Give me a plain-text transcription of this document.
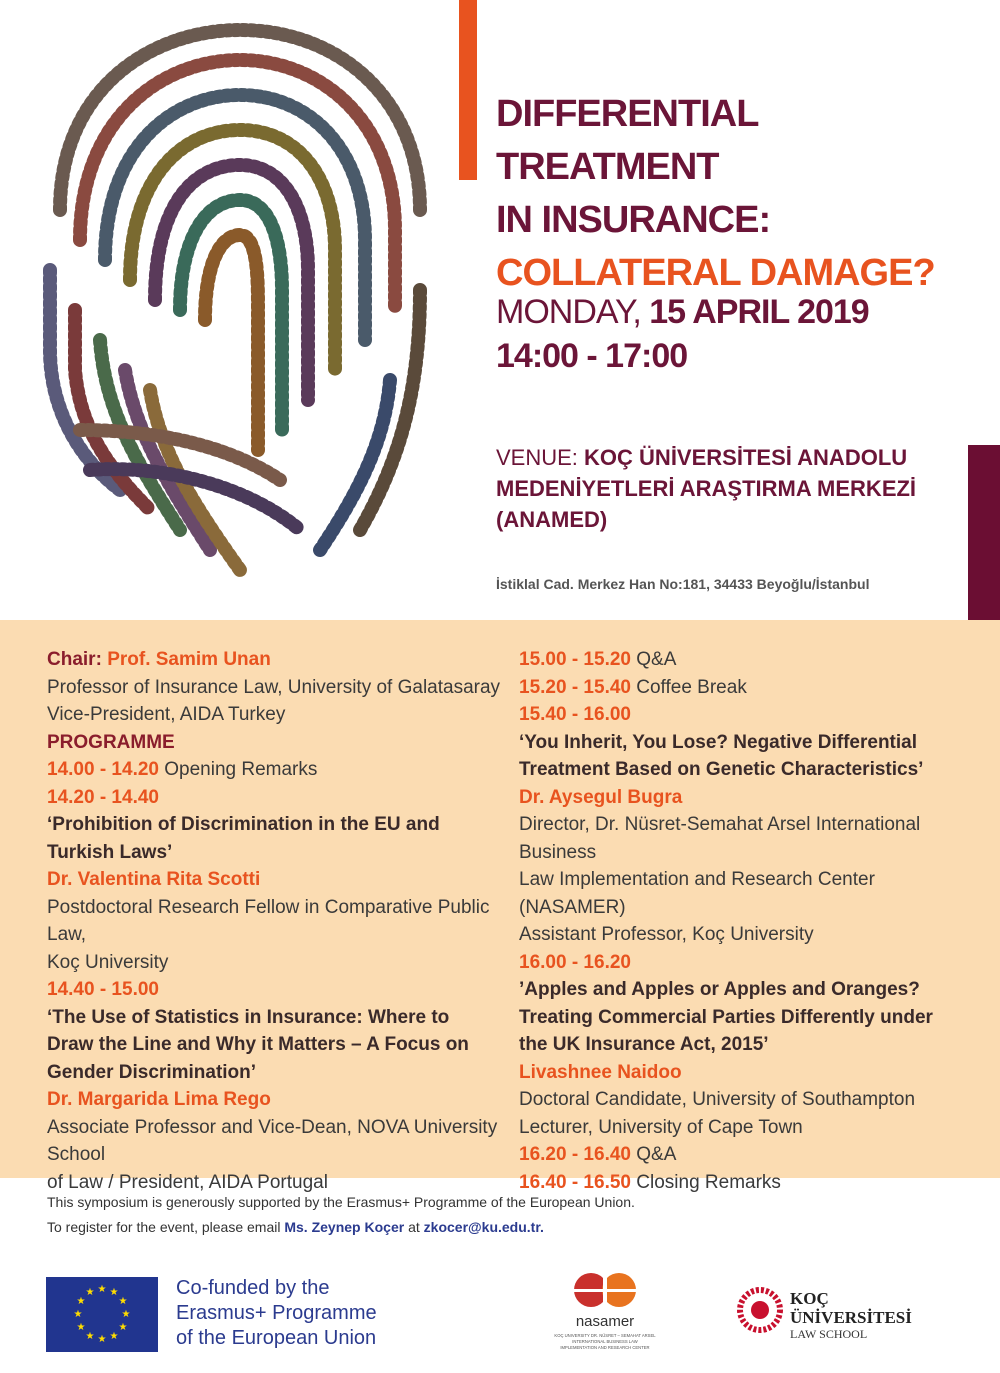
DIFFERENTIAL TREATMENT
IN INSURANCE:
COLLATERAL DAMAGE?
MONDAY, 15 APRIL 2019
14:00 - 17:00
VENUE: KOÇ ÜNİVERSİTESİ ANADOLU
MEDENİYETLERİ ARAŞTIRMA MERKEZİ
(ANAMED)
İstiklal Cad. Merkez Han No:181, 34433 Beyoğlu/İstanbul
Chair: Prof. Samim Unan
Professor of Insurance Law, University of Galatasaray
Vice-President, AIDA Turkey
PROGRAMME
14.00 - 14.20 Opening Remarks
14.20 - 14.40
‘Prohibition of Discrimination in the EU and
Turkish Laws’
Dr. Valentina Rita Scotti
Postdoctoral Research Fellow in Comparative Public Law,
Koç University
14.40 - 15.00
‘The Use of Statistics in Insurance: Where to
Draw the Line and Why it Matters – A Focus on
Gender Discrimination’
Dr. Margarida Lima Rego
Associate Professor and Vice-Dean, NOVA University School
of Law / President, AIDA Portugal
15.00 - 15.20 Q&A
15.20 - 15.40 Coffee Break
15.40 - 16.00
‘You Inherit, You Lose? Negative Differential
Treatment Based on Genetic Characteristics’
Dr. Aysegul Bugra
Director, Dr. Nüsret-Semahat Arsel International Business
Law Implementation and Research Center (NASAMER)
Assistant Professor, Koç University
16.00 - 16.20
’Apples and Apples or Apples and Oranges?
Treating Commercial Parties Differently under
the UK Insurance Act, 2015’
Livashnee Naidoo
Doctoral Candidate, University of Southampton
Lecturer, University of Cape Town
16.20 - 16.40 Q&A
16.40 - 16.50 Closing Remarks
This symposium is generously supported by the Erasmus+ Programme of the European Union.
To register for the event, please email Ms. Zeynep Koçer at zkocer@ku.edu.tr.
★ ★
★
★
★
★
★
★
★
★
★
★	Co-funded by the
Erasmus+ Programme
of the European Union
nasamer
KOÇ UNIVERSITY DR. NÜSRET – SEMAHAT ARSEL
INTERNATIONAL BUSINESS LAW
IMPLEMENTATION AND RESEARCH CENTER
KOÇ
ÜNİVERSİTESİ
LAW SCHOOL
